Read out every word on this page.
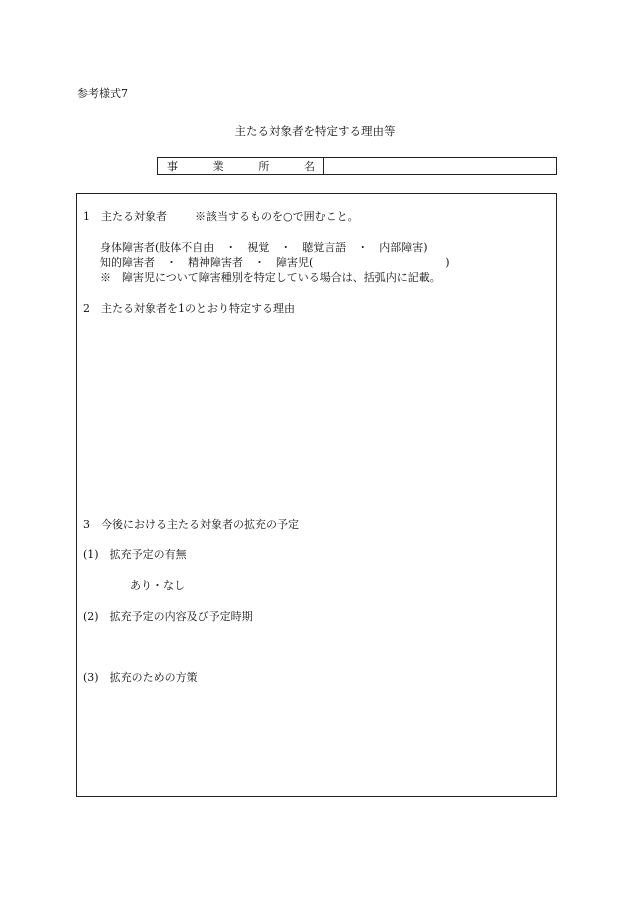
参考様式7
主たる対象者を特定する理由等
事	業	所	名
1　主たる対象者	※該当するものを○で囲むこと。
身体障害者(肢体不自由　・　視覚　・　聴覚言語　・　内部障害)
知的障害者　・　精神障害者　・　障害児(　　　　　　　　　　　　)
※　障害児について障害種別を特定している場合は、括弧内に記載。
2　主たる対象者を1のとおり特定する理由
3　今後における主たる対象者の拡充の予定
(1)　拡充予定の有無
あり・なし
(2)　拡充予定の内容及び予定時期
(3)　拡充のための方策
